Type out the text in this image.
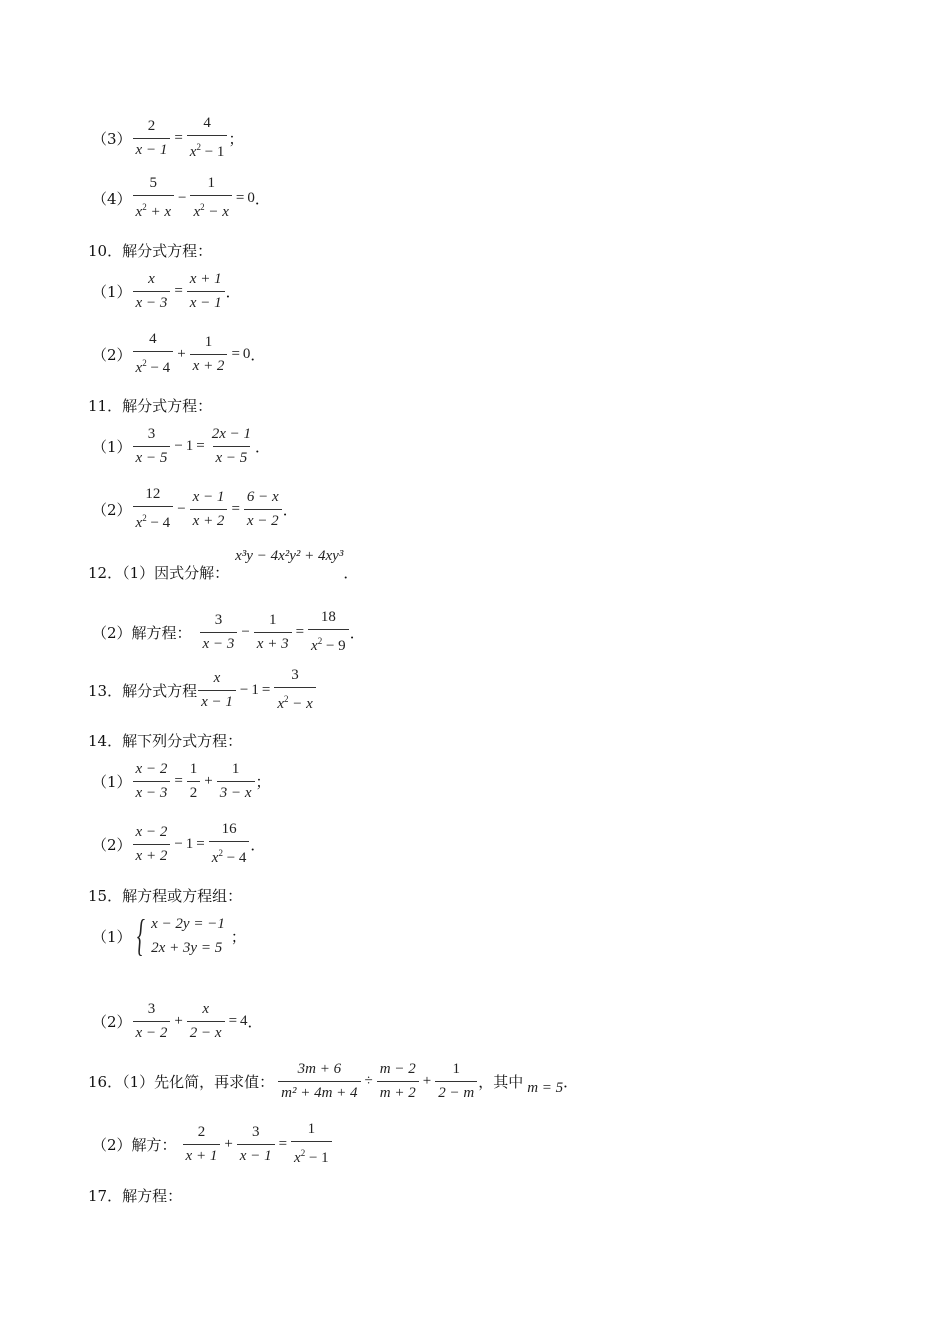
$(3) \frac{2}{x - 1} = \frac{4}{x^2 - 1}$ ；
$(4) \frac{5}{x^2 + x} - \frac{1}{x^2 - x} = 0$ ．
10．解分式方程：
$(1) \frac{x}{x - 3} = \frac{x + 1}{x - 1}$ ．
$(2) \frac{4}{x^2 - 4} + \frac{1}{x + 2} = 0$ ．
11．解分式方程：
$(1) \frac{3}{x - 5} - 1 = \frac{2x - 1}{x - 5}$ ．
$(2) \frac{12}{x^2 - 4} - \frac{x - 1}{x + 2} = \frac{6 - x}{x - 2}$ ．
12．（1）因式分解：
x³y − 4x²y² + 4xy³
．
（2）解方程： $\frac{3}{x - 3} - \frac{1}{x + 3} = \frac{18}{x^2 - 9}$ ．
13．解分式方程 $\frac{x}{x - 1} - 1 = \frac{3}{x^2 - x}$
14．解下列分式方程：
$(1) \frac{x - 2}{x - 3} = \frac{1}{2} + \frac{1}{3 - x}$ ；
$(2) \frac{x - 2}{x + 2} - 1 = \frac{16}{x^2 - 4}$ ．
15．解方程或方程组：
（1） { x − 2y = −1
2x + 3y = 5
；
$(2) \frac{3}{x - 2} + \frac{x}{2 - x} = 4$ ．
16．（1）先化简，再求值： $\frac{3m + 6}{\text{m² + 4m + 4}} \div \frac{m - 2}{m + 2} + \frac{1}{2 - m}$ ，其中 m = 5 ．
（2）解方： $\frac{2}{x + 1} + \frac{3}{x - 1} = \frac{1}{x^2 - 1}$
17．解方程：
